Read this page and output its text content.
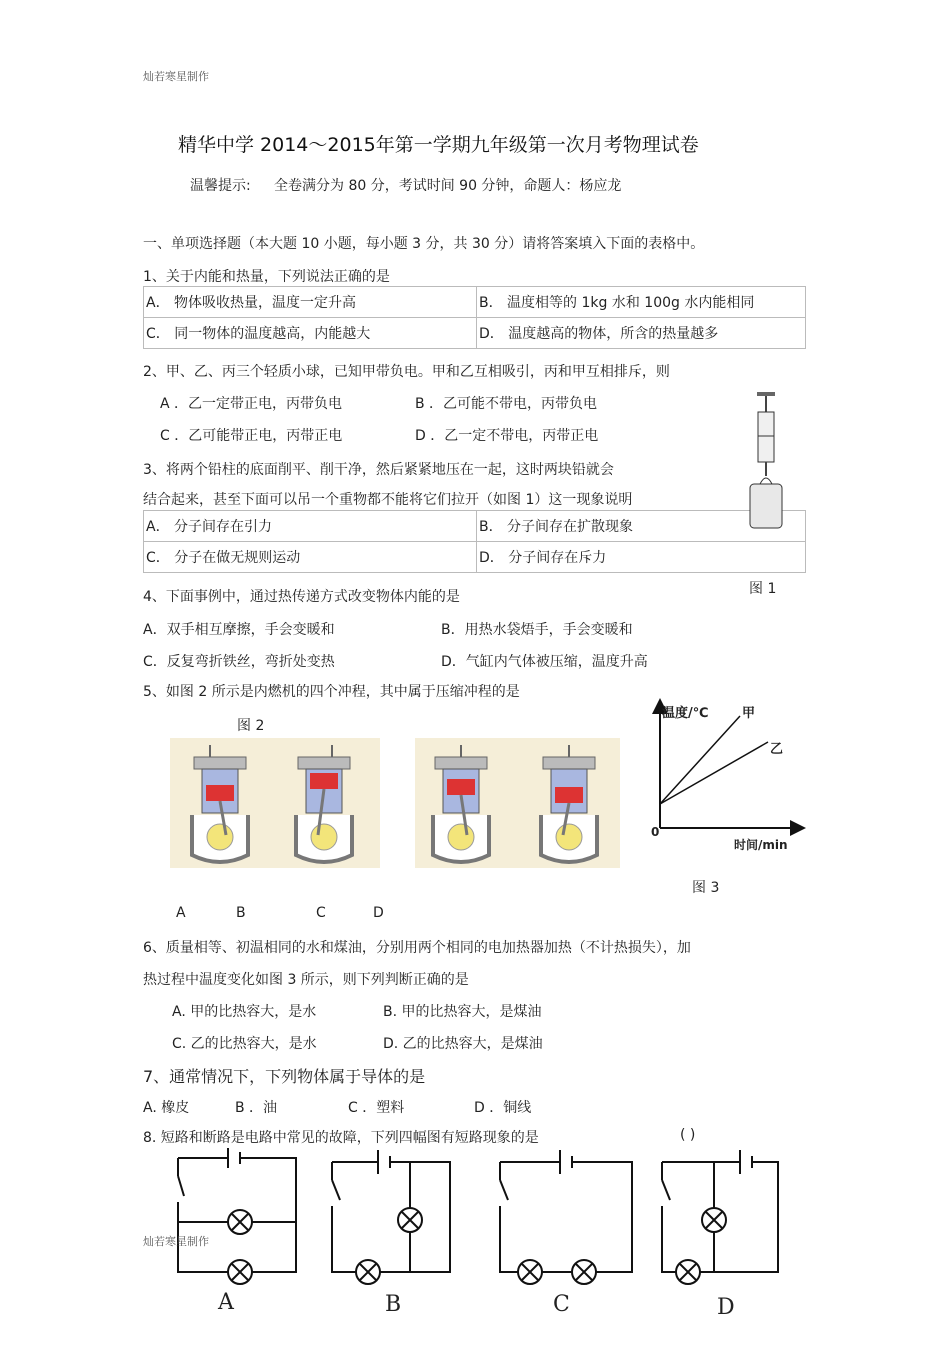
灿若寒星制作
精华中学 2014～2015年第一学期九年级第一次月考物理试卷
温馨提示: 全卷满分为 80 分，考试时间 90 分钟，命题人：杨应龙
一、单项选择题（本大题 10 小题，每小题 3 分，共 30 分）请将答案填入下面的表格中。
1、关于内能和热量，下列说法正确的是
A． 物体吸收热量，温度一定升高	B． 温度相等的 1kg 水和 100g 水内能相同
C． 同一物体的温度越高，内能越大	D． 温度越高的物体，所含的热量越多
2、甲、乙、丙三个轻质小球，已知甲带负电。甲和乙互相吸引，丙和甲互相排斥，则
A ．乙一定带正电，丙带负电	B ．乙可能不带电，丙带负电
C ．乙可能带正电，丙带正电	D ．乙一定不带电，丙带正电
3、将两个铅柱的底面削平、削干净，然后紧紧地压在一起，这时两块铅就会
结合起来，甚至下面可以吊一个重物都不能将它们拉开（如图 1）这一现象说明
A． 分子间存在引力	B． 分子间存在扩散现象
C． 分子在做无规则运动	D． 分子间存在斥力
图 1
4、下面事例中，通过热传递方式改变物体内能的是
A．双手相互摩擦，手会变暖和	B．用热水袋焐手，手会变暖和
C．反复弯折铁丝，弯折处变热	D．气缸内气体被压缩，温度升高
5、如图 2 所示是内燃机的四个冲程，其中属于压缩冲程的是
图 2
A	B	C	D
温度/℃	甲
乙
0
时间/min
图 3
6、质量相等、初温相同的水和煤油，分别用两个相同的电加热器加热（不计热损失），加
热过程中温度变化如图 3 所示，则下列判断正确的是
A. 甲的比热容大，是水	B. 甲的比热容大，是煤油
C. 乙的比热容大，是水	D. 乙的比热容大，是煤油
7、通常情况下，下列物体属于导体的是
A. 橡皮	B ．油	C ．塑料	D ．铜线
8. 短路和断路是电路中常见的故障，下列四幅图有短路现象的是	( )
A	B	C	D
灿若寒星制作
